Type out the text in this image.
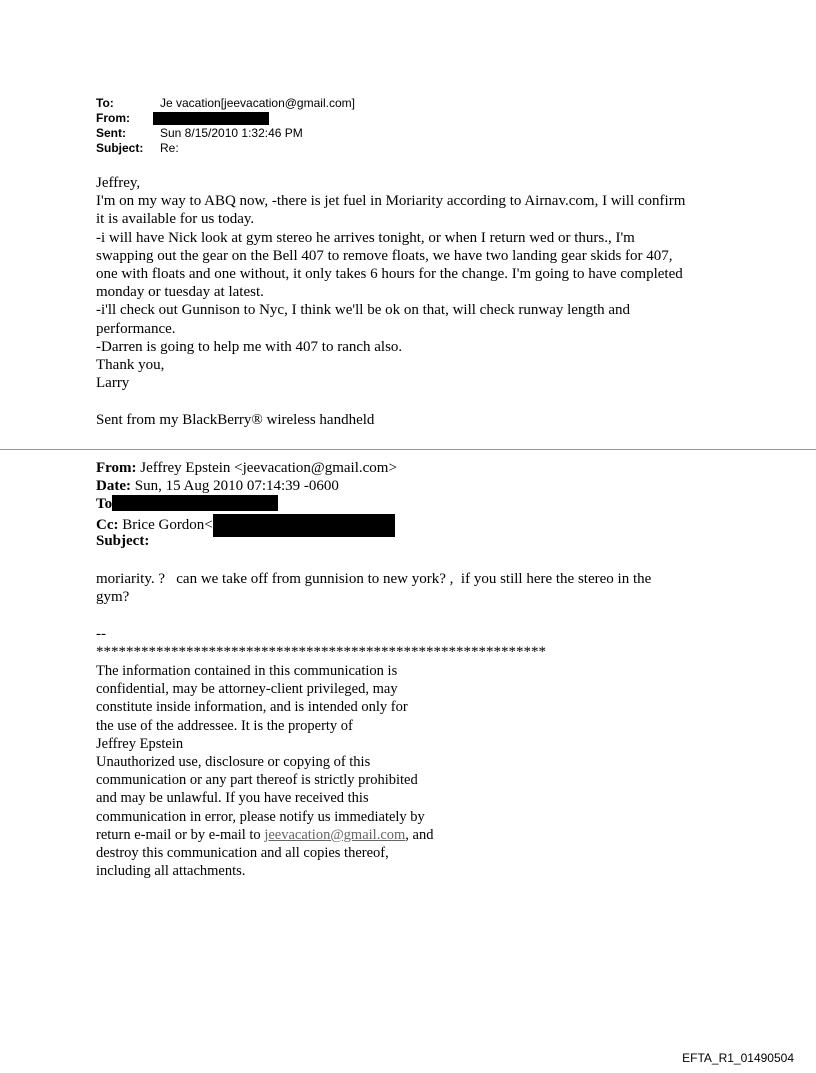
To:	Je vacation[jeevacation@gmail.com]
From:
Sent:	Sun 8/15/2010 1:32:46 PM
Subject:	Re:

Jeffrey,

I'm on my way to ABQ now, -there is jet fuel in Moriarity according to Airnav.com, I will confirm

it is available for us today.

-i will have Nick look at gym stereo he arrives tonight, or when I return wed or thurs., I'm

swapping out the gear on the Bell 407 to remove floats, we have two landing gear skids for 407,

one with floats and one without, it only takes 6 hours for the change. I'm going to have completed

monday or tuesday at latest.

-i'll check out Gunnison to Nyc, I think we'll be ok on that, will check runway length and

performance.

-Darren is going to help me with 407 to ranch also.

Thank you,

Larry

Sent from my BlackBerry® wireless handheld
From: Jeffrey Epstein <jeevacation@gmail.com>
Date: Sun, 15 Aug 2010 07:14:39 -0600
To
Cc: Brice Gordon<
Subject:
moriarity. ?   can we take off from gunnision to new york? ,  if you still here the stereo in the
gym?
--
************************************************************
The information contained in this communication is
confidential, may be attorney-client privileged, may
constitute inside information, and is intended only for
the use of the addressee. It is the property of
Jeffrey Epstein
Unauthorized use, disclosure or copying of this
communication or any part thereof is strictly prohibited
and may be unlawful. If you have received this
communication in error, please notify us immediately by
return e-mail or by e-mail to jeevacation@gmail.com, and
destroy this communication and all copies thereof,
including all attachments.
EFTA_R1_01490504
